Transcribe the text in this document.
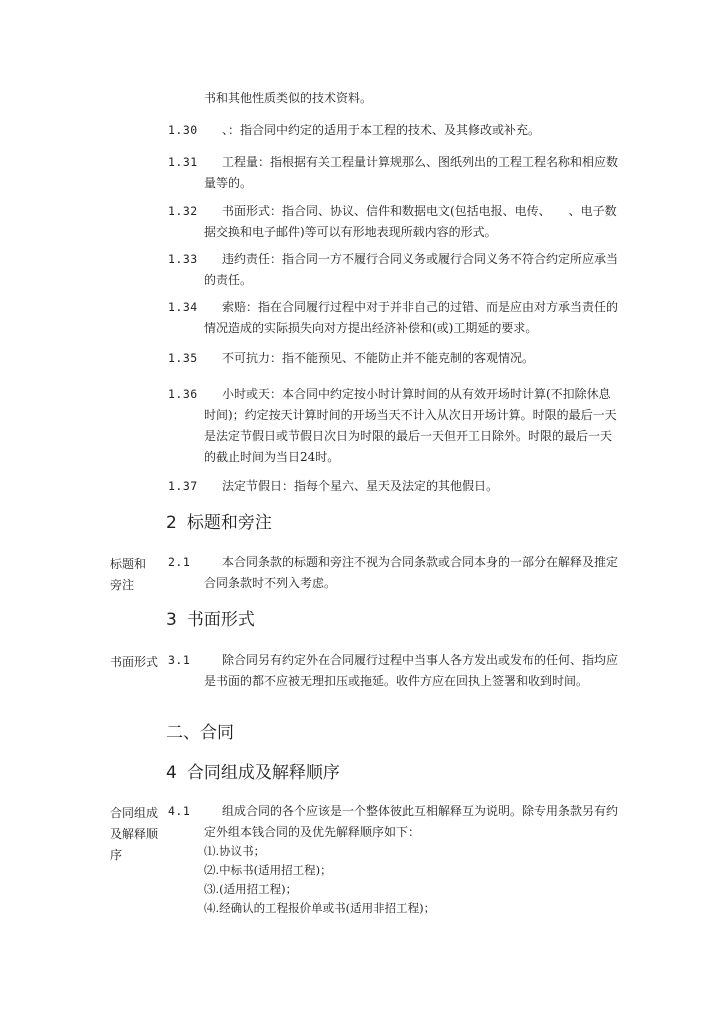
书和其他性质类似的技术资料。
1.30	、：指合同中约定的适用于本工程的技术、及其修改或补充。
1.31	工程量：指根据有关工程量计算规那么、图纸列出的工程工程名称和相应数量等的。
1.32	书面形式：指合同、协议、信件和数据电文(包括电报、电传、　　、电子数据交换和电子邮件)等可以有形地表现所载内容的形式。
1.33	违约责任：指合同一方不履行合同义务或履行合同义务不符合约定所应承当的责任。
1.34	索赔：指在合同履行过程中对于并非自己的过错、而是应由对方承当责任的情况造成的实际损失向对方提出经济补偿和(或)工期延的要求。
1.35	不可抗力：指不能预见、不能防止并不能克制的客观情况。
1.36	小时或天：本合同中约定按小时计算时间的从有效开场时计算(不扣除休息时间)；约定按天计算时间的开场当天不计入从次日开场计算。时限的最后一天是法定节假日或节假日次日为时限的最后一天但开工日除外。时限的最后一天的截止时间为当日24时。
1.37	法定节假日：指每个星六、星天及法定的其他假日。
2 标题和旁注
标题和旁注
2.1	本合同条款的标题和旁注不视为合同条款或合同本身的一部分在解释及推定合同条款时不列入考虑。
3 书面形式
书面形式 3.1	除合同另有约定外在合同履行过程中当事人各方发出或发布的任何、指均应是书面的都不应被无理扣压或拖延。收件方应在回执上签署和收到时间。
二、合同
4 合同组成及解释顺序
合同组成及解释顺序
4.1	组成合同的各个应该是一个整体彼此互相解释互为说明。除专用条款另有约定外组本钱合同的及优先解释顺序如下：
⑴.协议书；
⑵.中标书(适用招工程)；
⑶.(适用招工程)；
⑷.经确认的工程报价单或书(适用非招工程)；
